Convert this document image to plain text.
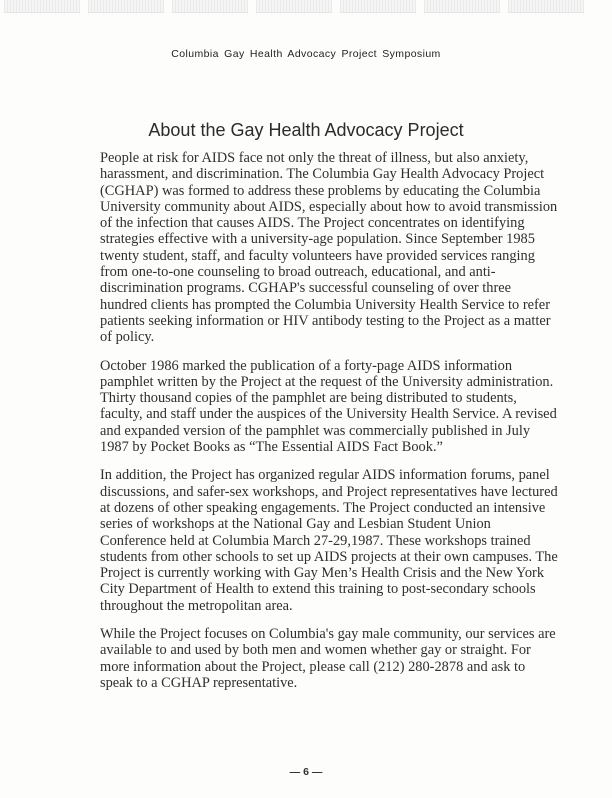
Columbia Gay Health Advocacy Project Symposium
About the Gay Health Advocacy Project

People at risk for AIDS face not only the threat of illness, but also anxiety, harassment, and discrimination. The Columbia Gay Health Advocacy Project (CGHAP) was formed to address these problems by educating the Columbia University community about AIDS, especially about how to avoid transmission of the infection that causes AIDS. The Project concentrates on identifying strategies effective with a university-age population. Since September 1985 twenty student, staff, and faculty volunteers have provided services ranging from one-to-one counseling to broad outreach, educational, and anti-discrimination programs. CGHAP's successful counseling of over three hundred clients has prompted the Columbia University Health Service to refer patients seeking information or HIV antibody testing to the Project as a matter of policy.

October 1986 marked the publication of a forty-page AIDS information pamphlet written by the Project at the request of the University administration. Thirty thousand copies of the pamphlet are being distributed to students, faculty, and staff under the auspices of the University Health Service. A revised and expanded version of the pamphlet was commercially published in July 1987 by Pocket Books as “The Essential AIDS Fact Book.”

In addition, the Project has organized regular AIDS information forums, panel discussions, and safer-sex workshops, and Project representatives have lectured at dozens of other speaking engagements. The Project conducted an intensive series of workshops at the National Gay and Lesbian Student Union Conference held at Columbia March 27-29,1987. These workshops trained students from other schools to set up AIDS projects at their own campuses. The Project is currently working with Gay Men’s Health Crisis and the New York City Department of Health to extend this training to post-secondary schools throughout the metropolitan area.

While the Project focuses on Columbia's gay male community, our services are available to and used by both men and women whether gay or straight. For more information about the Project, please call (212) 280-2878 and ask to speak to a CGHAP representative.

— 6 —
